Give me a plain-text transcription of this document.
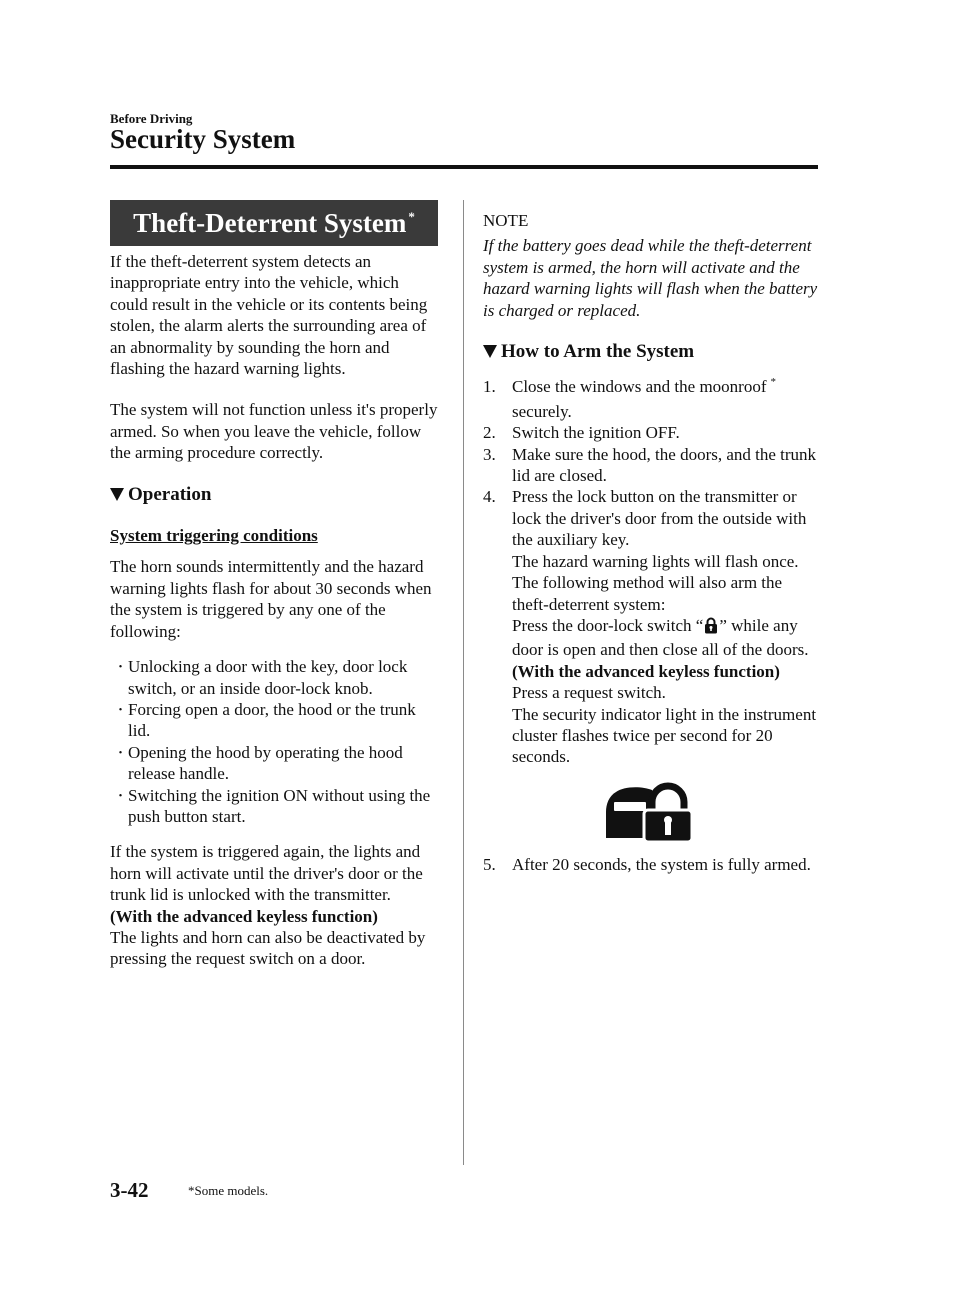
Before Driving
Security System
Theft-Deterrent System*

If the theft-deterrent system detects an inappropriate entry into the vehicle, which could result in the vehicle or its contents being stolen, the alarm alerts the surrounding area of an abnormality by sounding the horn and flashing the hazard warning lights.

The system will not function unless it's properly armed. So when you leave the vehicle, follow the arming procedure correctly.

Operation

System triggering conditions

The horn sounds intermittently and the hazard warning lights flash for about 30 seconds when the system is triggered by any one of the following:

・ Unlocking a door with the key, door lock switch, or an inside door-lock knob.
・ Forcing open a door, the hood or the trunk lid.
・ Opening the hood by operating the hood release handle.
・ Switching the ignition ON without using the push button start.

If the system is triggered again, the lights and horn will activate until the driver's door or the trunk lid is unlocked with the transmitter.

(With the advanced keyless function)

The lights and horn can also be deactivated by pressing the request switch on a door.

NOTE

If the battery goes dead while the theft-deterrent system is armed, the horn will activate and the hazard warning lights will flash when the battery is charged or replaced.

How to Arm the System
1. Close the windows and the moonroof *
securely.
2. Switch the ignition OFF.
3. Make sure the hood, the doors, and the trunk lid are closed.
4. Press the lock button on the transmitter or lock the driver's door from the outside with the auxiliary key.

The hazard warning lights will flash once.

The following method will also arm the theft-deterrent system:

Press the door-lock switch “ ” while any door is open and then close all of the doors.

(With the advanced keyless function)

Press a request switch.

The security indicator light in the instrument cluster flashes twice per second for 20 seconds.

5. After 20 seconds, the system is fully armed.
3-42	*Some models.
